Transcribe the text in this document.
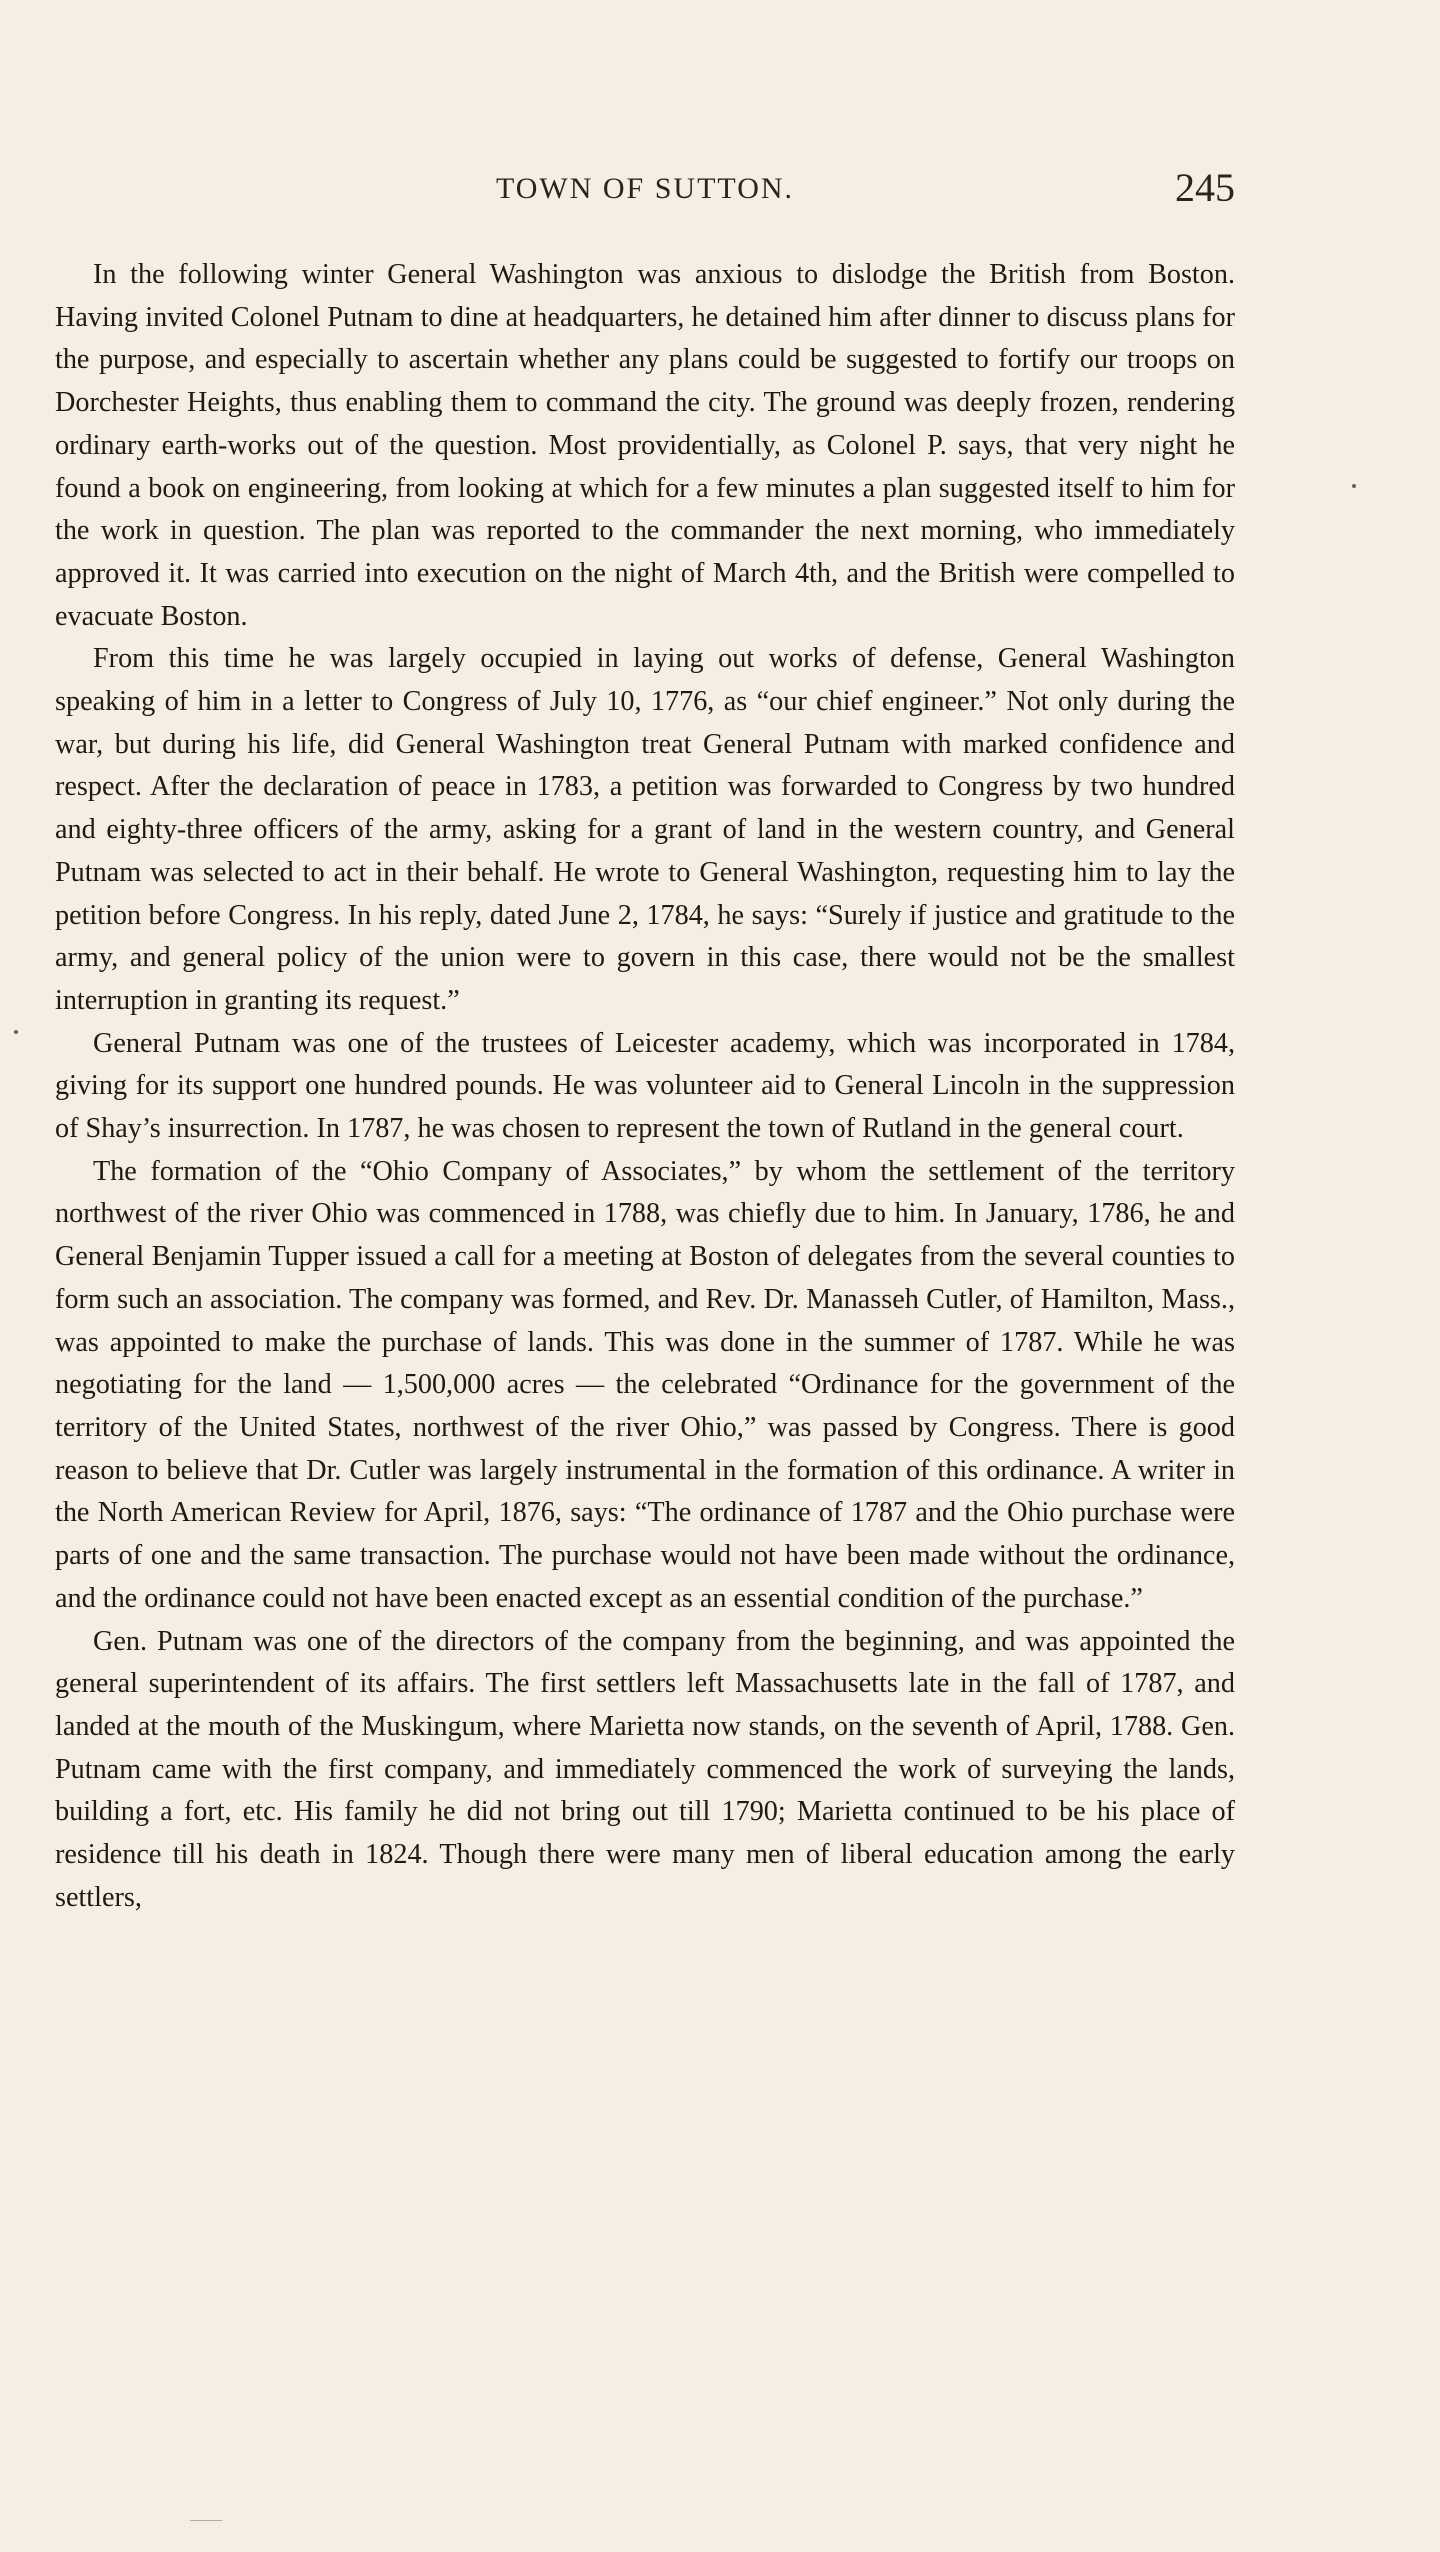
TOWN OF SUTTON.	245

In the following winter General Washington was anxious to dislodge the British from Boston. Having invited Colonel Putnam to dine at headquarters, he detained him after dinner to discuss plans for the purpose, and especially to ascertain whether any plans could be suggested to fortify our troops on Dorchester Heights, thus enabling them to command the city. The ground was deeply frozen, rendering ordinary earth-works out of the question. Most providentially, as Colonel P. says, that very night he found a book on engineering, from looking at which for a few minutes a plan suggested itself to him for the work in question. The plan was reported to the commander the next morning, who immediately approved it. It was carried into execution on the night of March 4th, and the British were compelled to evacuate Boston.

From this time he was largely occupied in laying out works of defense, General Washington speaking of him in a letter to Congress of July 10, 1776, as “our chief engineer.” Not only during the war, but during his life, did General Washington treat General Putnam with marked confidence and respect. After the declaration of peace in 1783, a petition was forwarded to Congress by two hundred and eighty-three officers of the army, asking for a grant of land in the western country, and General Putnam was selected to act in their behalf. He wrote to General Washington, requesting him to lay the petition before Congress. In his reply, dated June 2, 1784, he says: “Surely if justice and gratitude to the army, and general policy of the union were to govern in this case, there would not be the smallest interruption in granting its request.”

General Putnam was one of the trustees of Leicester academy, which was incorporated in 1784, giving for its support one hundred pounds. He was volunteer aid to General Lincoln in the suppression of Shay’s insurrection. In 1787, he was chosen to represent the town of Rutland in the general court.

The formation of the “Ohio Company of Associates,” by whom the settlement of the territory northwest of the river Ohio was commenced in 1788, was chiefly due to him. In January, 1786, he and General Benjamin Tupper issued a call for a meeting at Boston of delegates from the several counties to form such an association. The company was formed, and Rev. Dr. Manasseh Cutler, of Hamilton, Mass., was appointed to make the purchase of lands. This was done in the summer of 1787. While he was negotiating for the land — 1,500,000 acres — the celebrated “Ordinance for the government of the territory of the United States, northwest of the river Ohio,” was passed by Congress. There is good reason to believe that Dr. Cutler was largely instrumental in the formation of this ordinance. A writer in the North American Review for April, 1876, says: “The ordinance of 1787 and the Ohio purchase were parts of one and the same transaction. The purchase would not have been made without the ordinance, and the ordinance could not have been enacted except as an essential condition of the purchase.”

Gen. Putnam was one of the directors of the company from the beginning, and was appointed the general superintendent of its affairs. The first settlers left Massachusetts late in the fall of 1787, and landed at the mouth of the Muskingum, where Marietta now stands, on the seventh of April, 1788. Gen. Putnam came with the first company, and immediately commenced the work of surveying the lands, building a fort, etc. His family he did not bring out till 1790; Marietta continued to be his place of residence till his death in 1824. Though there were many men of liberal education among the early settlers,
